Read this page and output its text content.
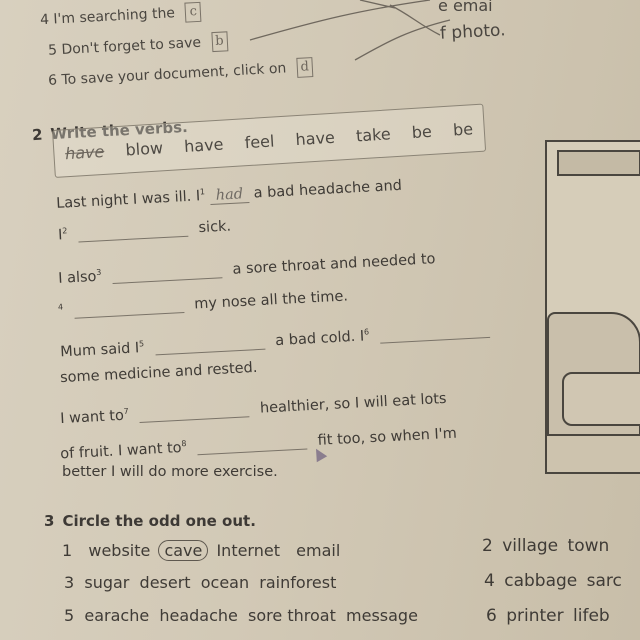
4 I'm searching the c
5 Don't forget to save b
6 To save your document, click on d
e emai
f photo.
2 Write the verbs.
have blow have feel have take be be
Last night I was ill. $I^1$ had a bad headache and
$I^2$	sick.
I also$^3$	a sore throat and needed to
$^4$	my nose all the time.
Mum said $I^5$	a bad cold. $I^6$
some medicine and rested.
I want $to^7$	healthier, so I will eat lots
of fruit. I want $to^8$	fit too, so when I'm
better I will do more exercise.
3 Circle the odd one out.
1 website cave Internet email
3 sugar desert ocean rainforest
5 earache headache sore throat message
2 village town
4 cabbage sarc
6 printer lifeb
